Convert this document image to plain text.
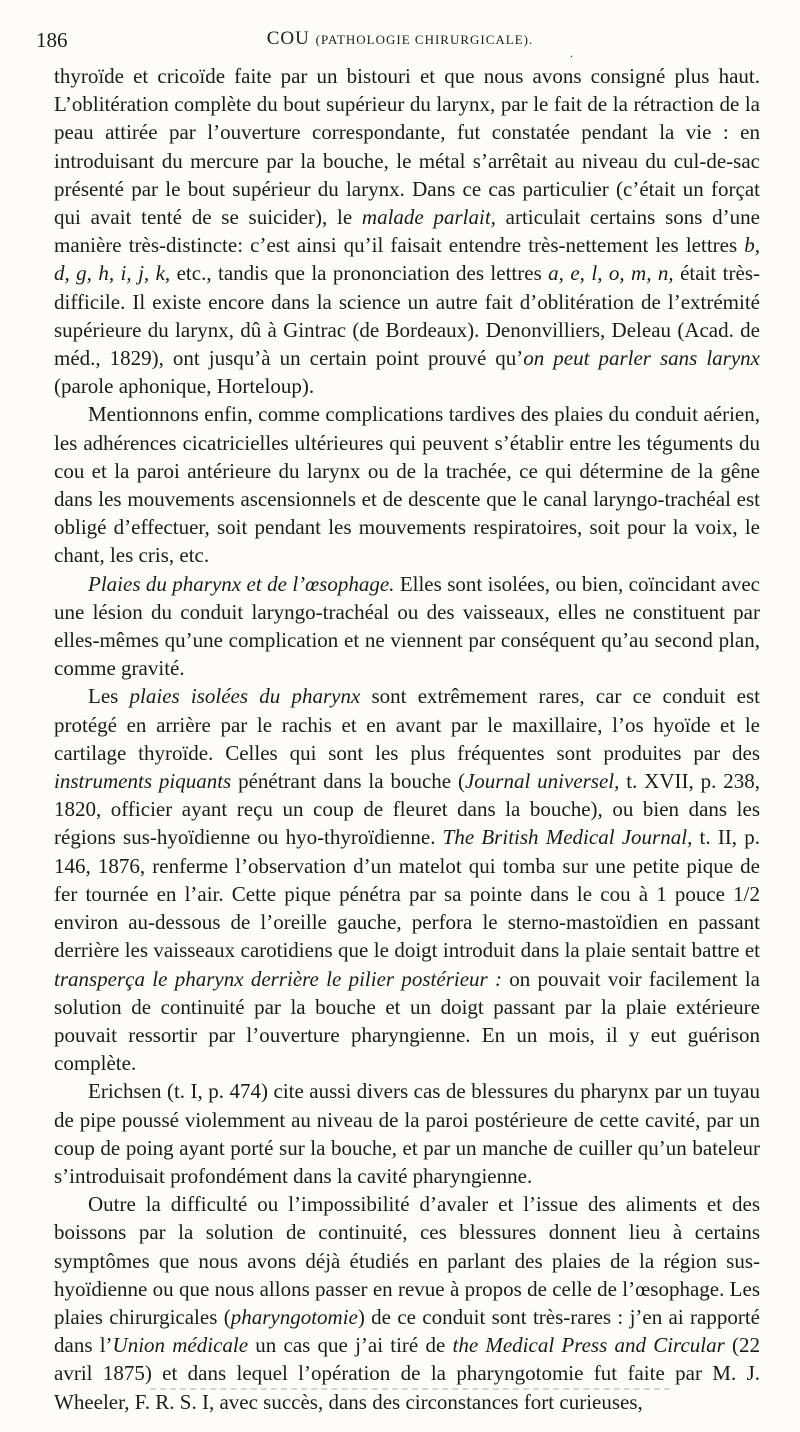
186	COU (PATHOLOGIE CHIRURGICALE).
.

thyroïde et cricoïde faite par un bistouri et que nous avons consigné plus haut. L’oblitération complète du bout supérieur du larynx, par le fait de la rétraction de la peau attirée par l’ouverture correspondante, fut constatée pendant la vie : en introduisant du mercure par la bouche, le métal s’arrêtait au niveau du cul-de-sac présenté par le bout supérieur du larynx. Dans ce cas particulier (c’était un forçat qui avait tenté de se suicider), le malade parlait, articulait certains sons d’une manière très-distincte: c’est ainsi qu’il faisait entendre très-nettement les lettres b, d, g, h, i, j, k, etc., tandis que la prononciation des lettres a, e, l, o, m, n, était très-difficile. Il existe encore dans la science un autre fait d’oblitération de l’extrémité supérieure du larynx, dû à Gintrac (de Bordeaux). Denonvilliers, Deleau (Acad. de méd., 1829), ont jusqu’à un certain point prouvé qu’on peut parler sans larynx (parole aphonique, Horteloup).

Mentionnons enfin, comme complications tardives des plaies du conduit aérien, les adhérences cicatricielles ultérieures qui peuvent s’établir entre les téguments du cou et la paroi antérieure du larynx ou de la trachée, ce qui détermine de la gêne dans les mouvements ascensionnels et de descente que le canal laryngo-trachéal est obligé d’effectuer, soit pendant les mouvements respiratoires, soit pour la voix, le chant, les cris, etc.

Plaies du pharynx et de l’œsophage. Elles sont isolées, ou bien, coïncidant avec une lésion du conduit laryngo-trachéal ou des vaisseaux, elles ne constituent par elles-mêmes qu’une complication et ne viennent par conséquent qu’au second plan, comme gravité.

Les plaies isolées du pharynx sont extrêmement rares, car ce conduit est protégé en arrière par le rachis et en avant par le maxillaire, l’os hyoïde et le cartilage thyroïde. Celles qui sont les plus fréquentes sont produites par des instruments piquants pénétrant dans la bouche (Journal universel, t. XVII, p. 238, 1820, officier ayant reçu un coup de fleuret dans la bouche), ou bien dans les régions sus-hyoïdienne ou hyo-thyroïdienne. The British Medical Journal, t. II, p. 146, 1876, renferme l’observation d’un matelot qui tomba sur une petite pique de fer tournée en l’air. Cette pique pénétra par sa pointe dans le cou à 1 pouce 1/2 environ au-dessous de l’oreille gauche, perfora le sterno-mastoïdien en passant derrière les vaisseaux carotidiens que le doigt introduit dans la plaie sentait battre et transperça le pharynx derrière le pilier postérieur : on pouvait voir facilement la solution de continuité par la bouche et un doigt passant par la plaie extérieure pouvait ressortir par l’ouverture pharyngienne. En un mois, il y eut guérison complète.

Erichsen (t. I, p. 474) cite aussi divers cas de blessures du pharynx par un tuyau de pipe poussé violemment au niveau de la paroi postérieure de cette cavité, par un coup de poing ayant porté sur la bouche, et par un manche de cuiller qu’un bateleur s’introduisait profondément dans la cavité pharyngienne.

Outre la difficulté ou l’impossibilité d’avaler et l’issue des aliments et des boissons par la solution de continuité, ces blessures donnent lieu à certains symptômes que nous avons déjà étudiés en parlant des plaies de la région sus-hyoïdienne ou que nous allons passer en revue à propos de celle de l’œsophage. Les plaies chirurgicales (pharyngotomie) de ce conduit sont très-rares : j’en ai rapporté dans l’Union médicale un cas que j’ai tiré de the Medical Press and Circular (22 avril 1875) et dans lequel l’opération de la pharyngotomie fut faite par M. J. Wheeler, F. R. S. I, avec succès, dans des circonstances fort curieuses,
